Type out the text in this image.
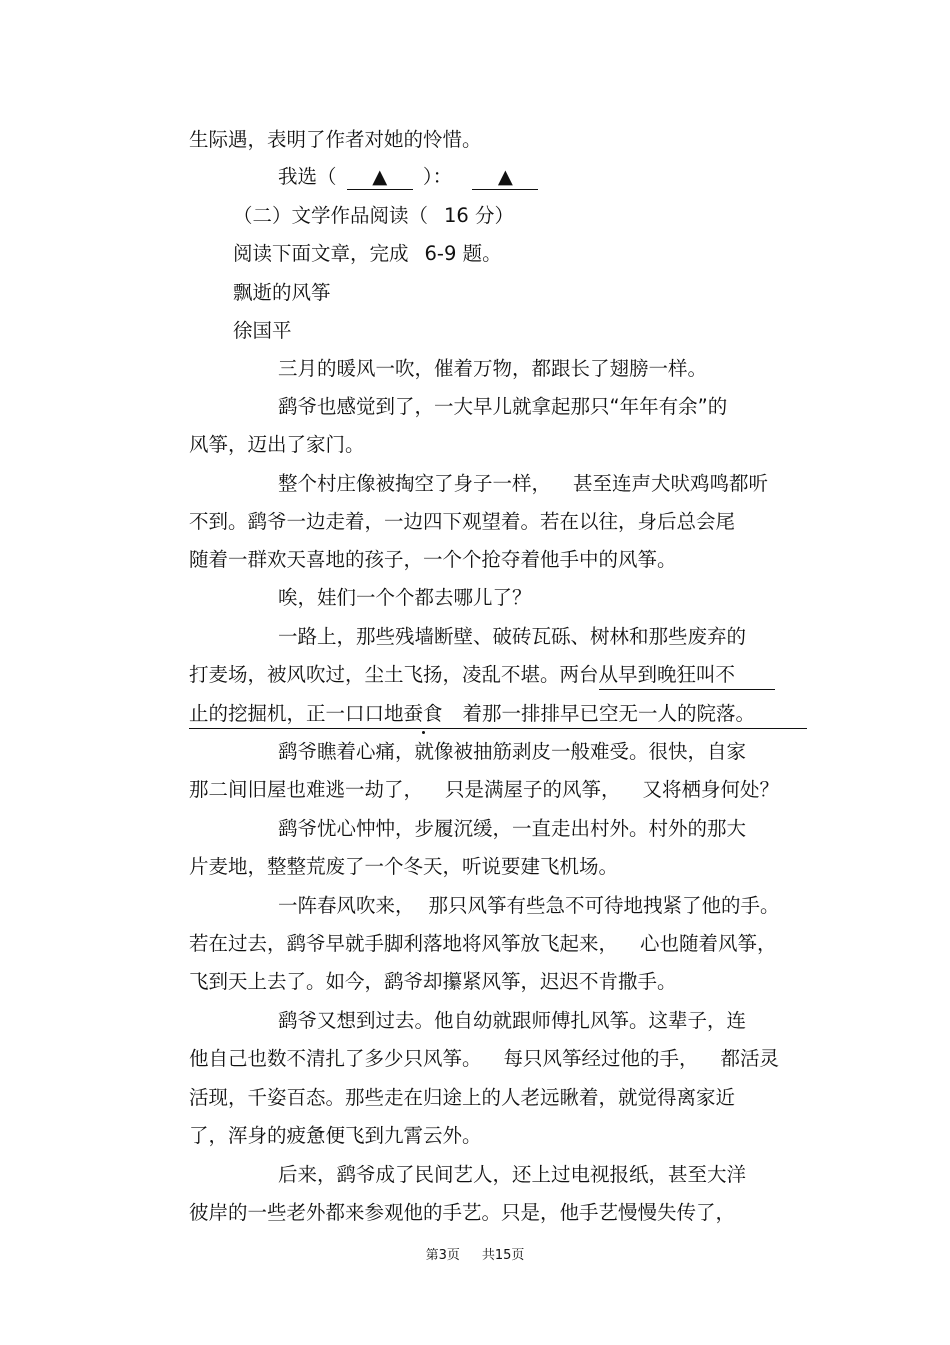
生际遇，表明了作者对她的怜惜。
我选（ ▲ ）： ▲
（二）文学作品阅读（ 16 分）
阅读下面文章，完成 6-9 题。
飘逝的风筝
徐国平
三月的暖风一吹，催着万物，都跟长了翅膀一样。
鹞爷也感觉到了，一大早儿就拿起那只“年年有余”的
风筝，迈出了家门。
整个村庄像被掏空了身子一样， 甚至连声犬吠鸡鸣都听
不到。鹞爷一边走着，一边四下观望着。若在以往，身后总会尾
随着一群欢天喜地的孩子，一个个抢夺着他手中的风筝。
唉，娃们一个个都去哪儿了？
一路上，那些残墙断壁、破砖瓦砾、树林和那些废弃的
打麦场，被风吹过，尘土飞扬，凌乱不堪。两台从早到晚狂叫不
止的挖掘机，正一口口地蚕食 着那一排排早已空无一人的院落。
鹞爷瞧着心痛，就像被抽筋剥皮一般难受。很快，自家
那二间旧屋也难逃一劫了， 只是满屋子的风筝， 又将栖身何处？
鹞爷忧心忡忡，步履沉缓，一直走出村外。村外的那大
片麦地，整整荒废了一个冬天，听说要建飞机场。
一阵春风吹来， 那只风筝有些急不可待地拽紧了他的手。
若在过去，鹞爷早就手脚利落地将风筝放飞起来， 心也随着风筝，
飞到天上去了。如今，鹞爷却攥紧风筝，迟迟不肯撒手。
鹞爷又想到过去。他自幼就跟师傅扎风筝。这辈子，连
他自己也数不清扎了多少只风筝。 每只风筝经过他的手， 都活灵
活现，千姿百态。那些走在归途上的人老远瞅着，就觉得离家近
了，浑身的疲惫便飞到九霄云外。
后来，鹞爷成了民间艺人，还上过电视报纸，甚至大洋
彼岸的一些老外都来参观他的手艺。只是，他手艺慢慢失传了，
第3页 共15页
